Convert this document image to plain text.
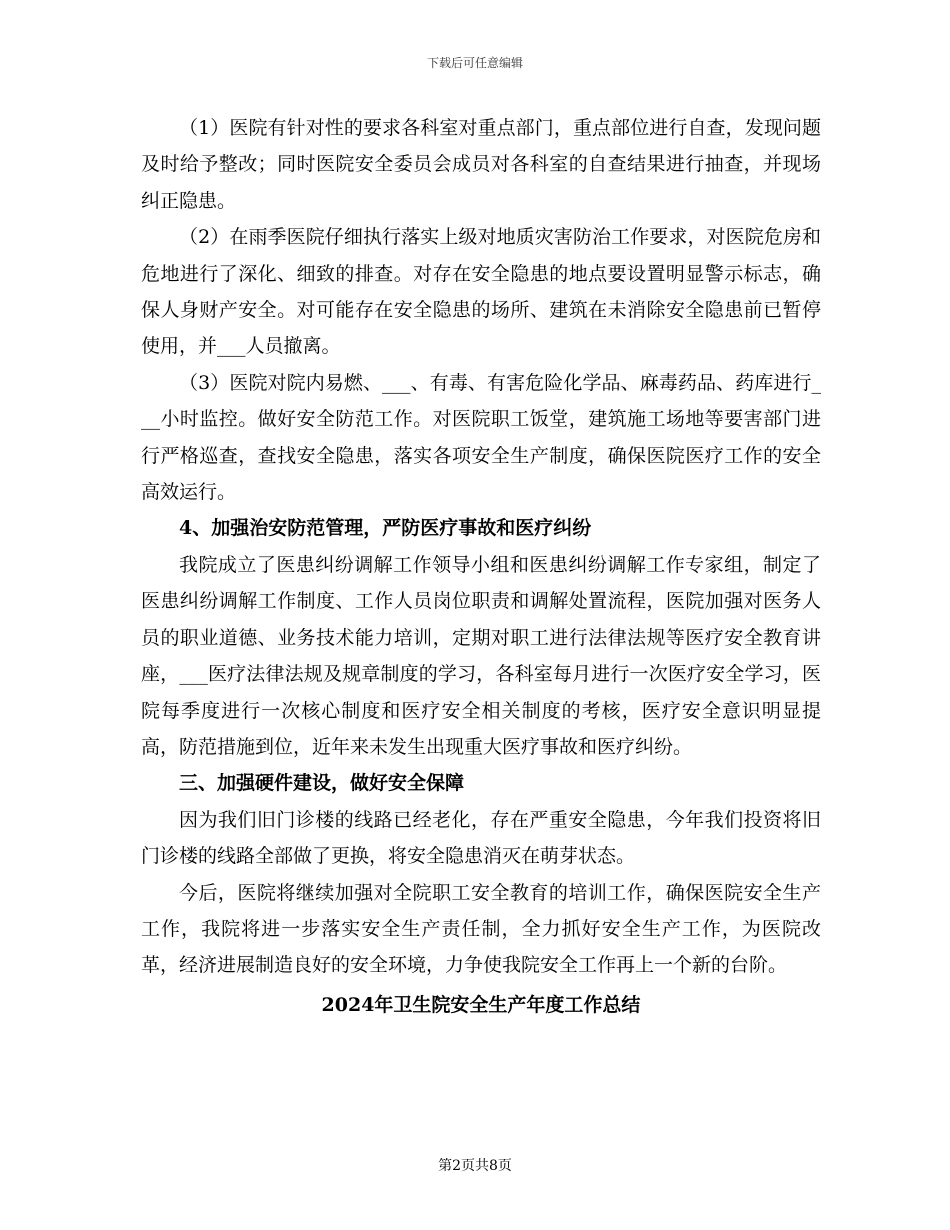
下载后可任意编辑

（1）医院有针对性的要求各科室对重点部门，重点部位进行自查，发现问题及时给予整改；同时医院安全委员会成员对各科室的自查结果进行抽查，并现场纠正隐患。

（2）在雨季医院仔细执行落实上级对地质灾害防治工作要求，对医院危房和危地进行了深化、细致的排查。对存在安全隐患的地点要设置明显警示标志，确保人身财产安全。对可能存在安全隐患的场所、建筑在未消除安全隐患前已暂停使用，并___人员撤离。

（3）医院对院内易燃、___、有毒、有害危险化学品、麻毒药品、药库进行___小时监控。做好安全防范工作。对医院职工饭堂，建筑施工场地等要害部门进行严格巡查，查找安全隐患，落实各项安全生产制度，确保医院医疗工作的安全高效运行。

4、加强治安防范管理，严防医疗事故和医疗纠纷

我院成立了医患纠纷调解工作领导小组和医患纠纷调解工作专家组，制定了医患纠纷调解工作制度、工作人员岗位职责和调解处置流程，医院加强对医务人员的职业道德、业务技术能力培训，定期对职工进行法律法规等医疗安全教育讲座，___医疗法律法规及规章制度的学习，各科室每月进行一次医疗安全学习，医院每季度进行一次核心制度和医疗安全相关制度的考核，医疗安全意识明显提高，防范措施到位，近年来未发生出现重大医疗事故和医疗纠纷。

三、加强硬件建设，做好安全保障

因为我们旧门诊楼的线路已经老化，存在严重安全隐患，今年我们投资将旧门诊楼的线路全部做了更换，将安全隐患消灭在萌芽状态。

今后，医院将继续加强对全院职工安全教育的培训工作，确保医院安全生产工作，我院将进一步落实安全生产责任制，全力抓好安全生产工作，为医院改革，经济进展制造良好的安全环境，力争使我院安全工作再上一个新的台阶。

2024年卫生院安全生产年度工作总结

第2页共8页
